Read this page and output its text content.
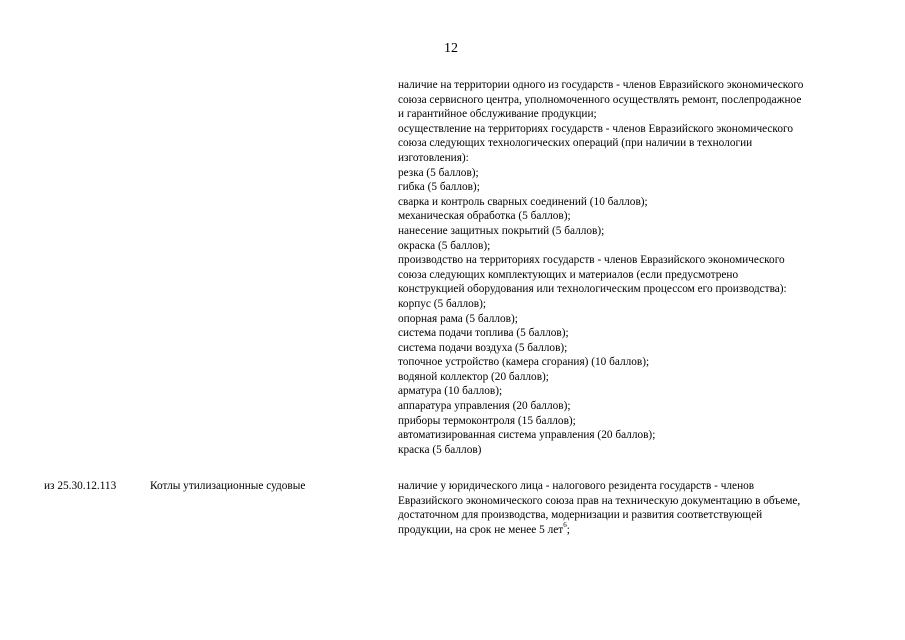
12
наличие на территории одного из государств - членов Евразийского экономического
союза сервисного центра, уполномоченного осуществлять ремонт, послепродажное
и гарантийное обслуживание продукции;
осуществление на территориях государств - членов Евразийского экономического
союза следующих технологических операций (при наличии в технологии
изготовления):
резка (5 баллов);
гибка (5 баллов);
сварка и контроль сварных соединений (10 баллов);
механическая обработка (5 баллов);
нанесение защитных покрытий (5 баллов);
окраска (5 баллов);
производство на территориях государств - членов Евразийского экономического
союза следующих комплектующих и материалов (если предусмотрено
конструкцией оборудования или технологическим процессом его производства):
корпус (5 баллов);
опорная рама (5 баллов);
система подачи топлива (5 баллов);
система подачи воздуха (5 баллов);
топочное устройство (камера сгорания) (10 баллов);
водяной коллектор (20 баллов);
арматура (10 баллов);
аппаратура управления (20 баллов);
приборы термоконтроля (15 баллов);
автоматизированная система управления (20 баллов);
краска (5 баллов)
из 25.30.12.113	Котлы утилизационные судовые	наличие у юридического лица - налогового резидента государств - членов
Евразийского экономического союза прав на техническую документацию в объеме,
достаточном для производства, модернизации и развития соответствующей
продукции, на срок не менее 5 лет$^6$;
